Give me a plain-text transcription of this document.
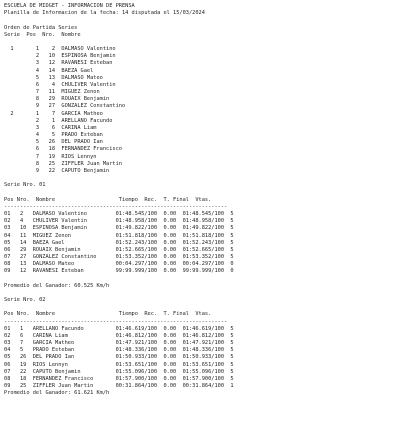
ESCUELA DE MIDGET - INFORMACION DE PRENSA
Planilla de Informacion de la fecha: 14 disputada el 15/03/2024
Orden de Partida Series
Serie  Pos  Nro.  Nombre
1       1    2  DALMASO Valentino
2   10  ESPINOSA Benjamin
3   12  RAVANESI Esteban
4   14  BAEZA Gael
5   13  DALMASO Mateo
6    4  CHULIVER Valentin
7   11  MIGUEZ Zenon
8   29  ROUAIX Benjamin
9   27  GONZALEZ Constantino
2       1    7  GARCIA Matheo
2    1  ARELLANO Facundo
3    6  CARINA Liam
4    5  PRADO Esteban
5   26  DEL PRADO Ian
6   18  FERNANDEZ Francisco
7   19  RIOS Lennyn
8   25  ZIFFLER Juan Martin
9   22  CAPUTO Benjamin
Serie Nro. 01
Pos Nro.  Nombre                    Tiempo  Rec.  T. Final  Vtas.
----------------------------------------------------------------------
01   2   DALMASO Valentino         01:48.545/100  0.00  01:48.545/100  5
02   4   CHULIVER Valentin         01:48.958/100  0.00  01:48.958/100  5
03   10  ESPINOSA Benjamin         01:49.822/100  0.00  01:49.822/100  5
04   11  MIGUEZ Zenon              01:51.818/100  0.00  01:51.818/100  5
05   14  BAEZA Gael                01:52.243/100  0.00  01:52.243/100  5
06   29  ROUAIX Benjamin           01:52.665/100  0.00  01:52.665/100  5
07   27  GONZALEZ Constantino      01:53.352/100  0.00  01:53.352/100  5
08   13  DALMASO Mateo             00:04.297/100  0.00  00:04.297/100  0
09   12  RAVANESI Esteban          99:99.999/100  0.00  99:99.999/100  0
Promedio del Ganador: 60.525 Km/h
Serie Nro. 02
Pos Nro.  Nombre                    Tiempo  Rec.  T. Final  Vtas.
----------------------------------------------------------------------
01   1   ARELLANO Facundo          01:46.619/100  0.00  01:46.619/100  5
02   6   CARINA Liam               01:46.812/100  0.00  01:46.812/100  5
03   7   GARCIA Matheo             01:47.921/100  0.00  01:47.921/100  5
04   5   PRADO Esteban             01:48.336/100  0.00  01:48.336/100  5
05   26  DEL PRADO Ian             01:50.933/100  0.00  01:50.933/100  5
06   19  RIOS Lennyn               01:53.651/100  0.00  01:53.651/100  5
07   22  CAPUTO Benjamin           01:55.096/100  0.00  01:55.096/100  5
08   18  FERNANDEZ Francisco       01:57.900/100  0.00  01:57.900/100  5
09   25  ZIFFLER Juan Martin       00:31.864/100  0.00  00:31.864/100  1
Promedio del Ganador: 61.621 Km/h
